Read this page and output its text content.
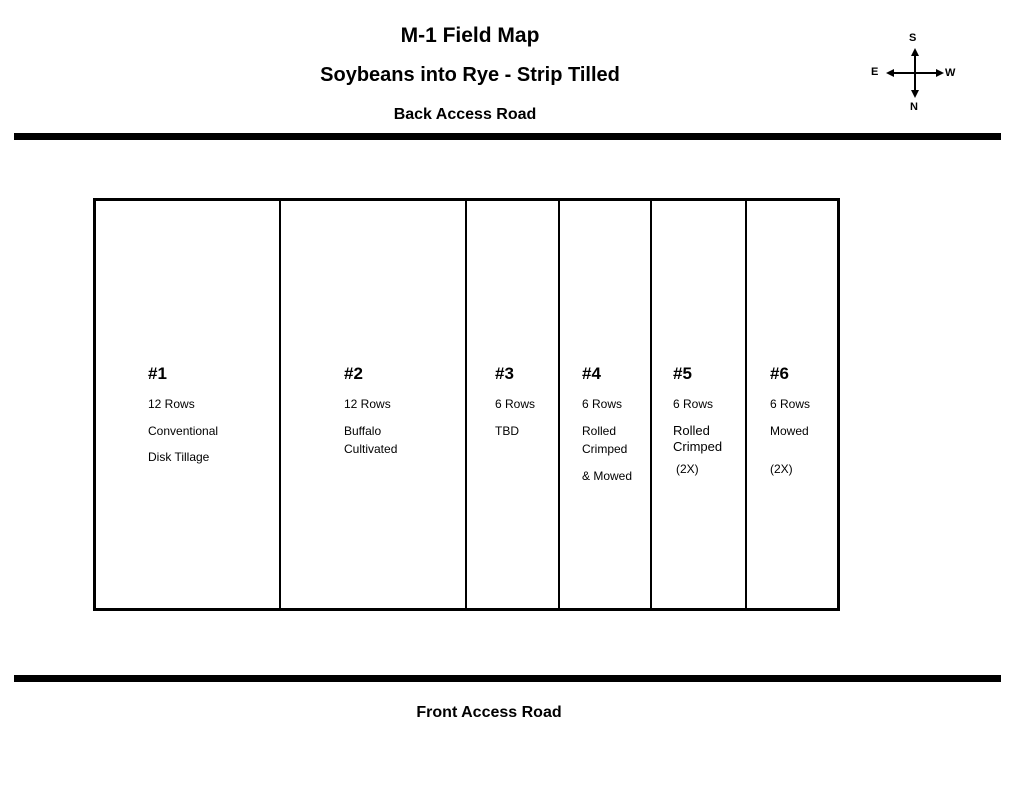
M-1 Field Map
Soybeans into Rye - Strip Tilled
Back Access Road
S
N
E	W
Front Access Road
#1
12 Rows
Conventional
Disk Tillage
#2
12 Rows
Buffalo
Cultivated
#3
6 Rows
TBD
#4
6 Rows
Rolled
Crimped
& Mowed
#5
6 Rows
Rolled
Crimped
(2X)
#6
6 Rows
Mowed
(2X)
